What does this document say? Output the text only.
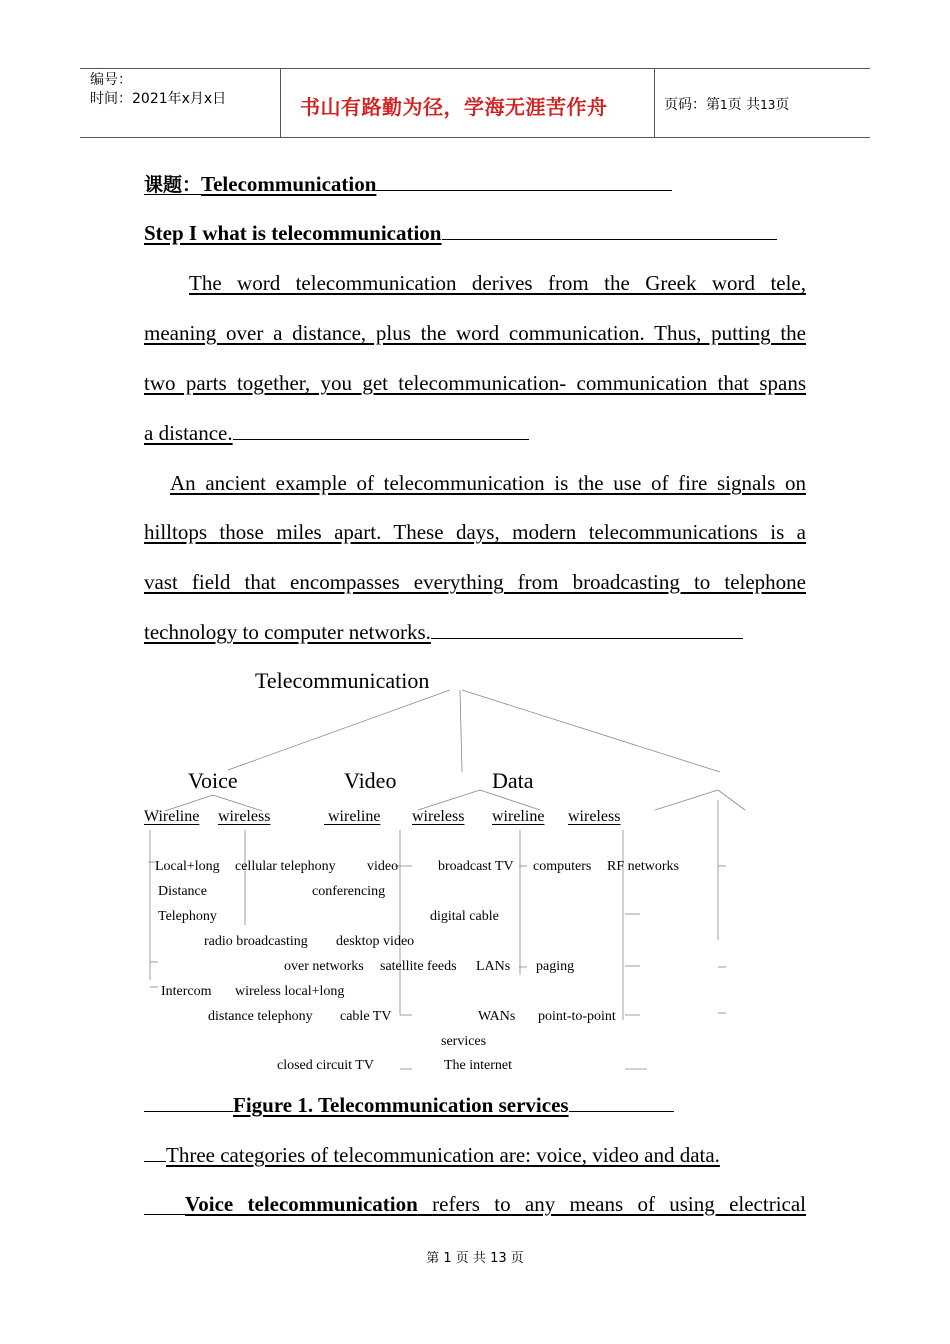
编号：
时间：2021年x月x日	书山有路勤为径，学海无涯苦作舟	页码：第1页 共13页
课题：Telecommunication
Step I what is telecommunication
The word telecommunication derives from the Greek word tele,
meaning over a distance, plus the word communication. Thus, putting the
two parts together, you get telecommunication- communication that spans
a distance.
An ancient example of telecommunication is the use of fire signals on
hilltops those miles apart. These days, modern telecommunications is a
vast field that encompasses everything from broadcasting to telephone
technology to computer networks.
Telecommunication
Voice	Video	Data
Wireline wireless	wireline wireless wireline wireless
Local+long cellular telephony video	broadcast TV computers RF networks
Distance	conferencing
Telephony	digital cable
radio broadcasting desktop video
over networks satellite feeds LANs paging
Intercom wireless local+long
distance telephony cable TV	WANs point-to-point
services
closed circuit TV	The internet
Figure 1. Telecommunication services
Three categories of telecommunication are: voice, video and data.
Voice telecommunication refers to any means of using electrical
第 1 页 共 13 页
